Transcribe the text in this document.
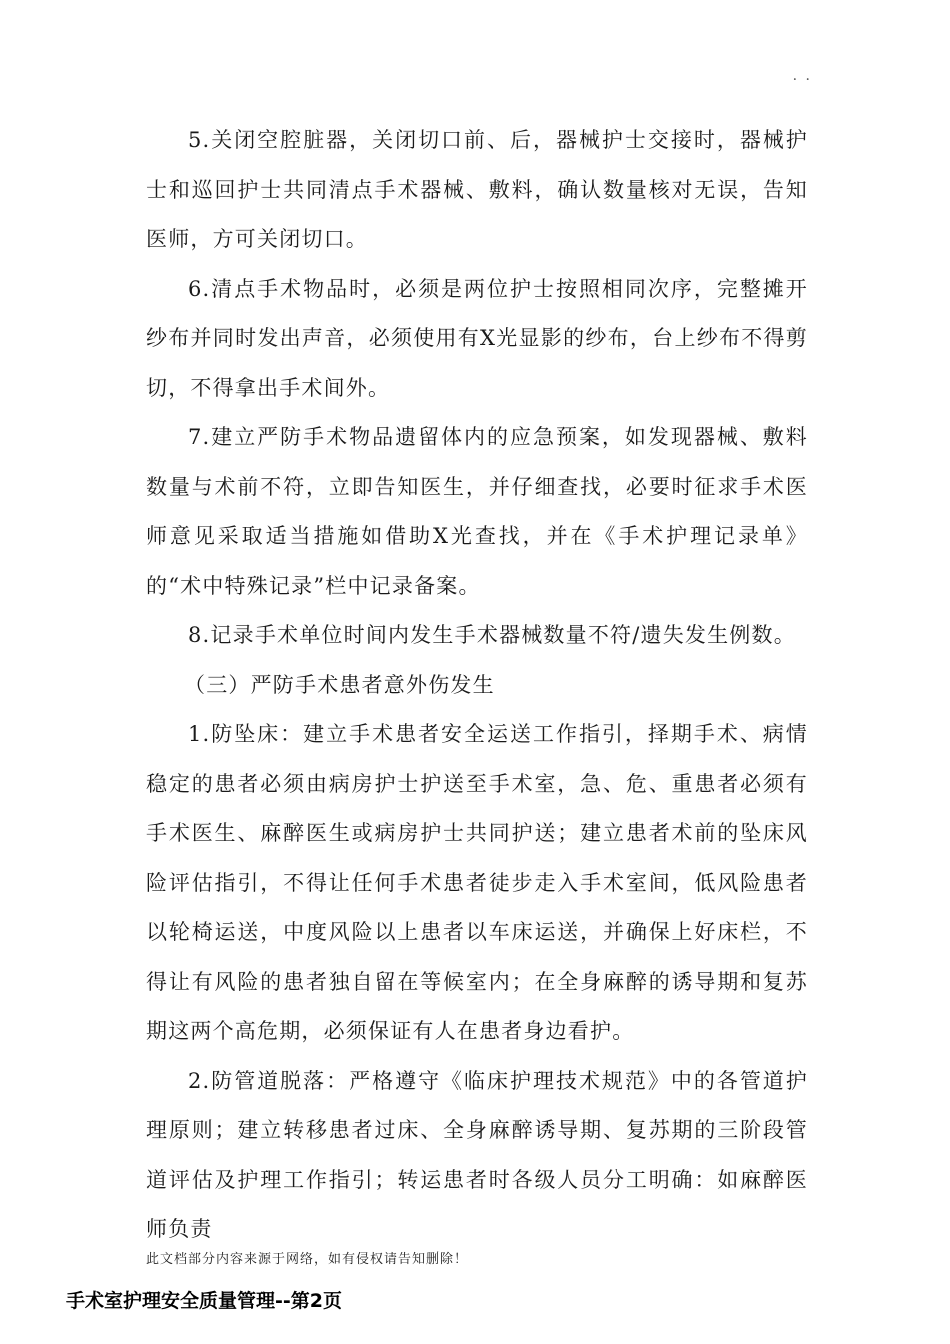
· ·

5.关闭空腔脏器，关闭切口前、后，器械护士交接时，器械护士和巡回护士共同清点手术器械、敷料，确认数量核对无误，告知医师，方可关闭切口。

6.清点手术物品时，必须是两位护士按照相同次序，完整摊开纱布并同时发出声音，必须使用有X光显影的纱布，台上纱布不得剪切，不得拿出手术间外。

7.建立严防手术物品遗留体内的应急预案，如发现器械、敷料数量与术前不符，立即告知医生，并仔细查找，必要时征求手术医师意见采取适当措施如借助X光查找，并在《手术护理记录单》的“术中特殊记录”栏中记录备案。

8.记录手术单位时间内发生手术器械数量不符/遗失发生例数。

（三）严防手术患者意外伤发生

1.防坠床：建立手术患者安全运送工作指引，择期手术、病情稳定的患者必须由病房护士护送至手术室，急、危、重患者必须有手术医生、麻醉医生或病房护士共同护送；建立患者术前的坠床风险评估指引，不得让任何手术患者徒步走入手术室间，低风险患者以轮椅运送，中度风险以上患者以车床运送，并确保上好床栏，不得让有风险的患者独自留在等候室内；在全身麻醉的诱导期和复苏期这两个高危期，必须保证有人在患者身边看护。

2.防管道脱落：严格遵守《临床护理技术规范》中的各管道护理原则；建立转移患者过床、全身麻醉诱导期、复苏期的三阶段管道评估及护理工作指引；转运患者时各级人员分工明确：如麻醉医师负责

此文档部分内容来源于网络，如有侵权请告知删除！
手术室护理安全质量管理--第2页
